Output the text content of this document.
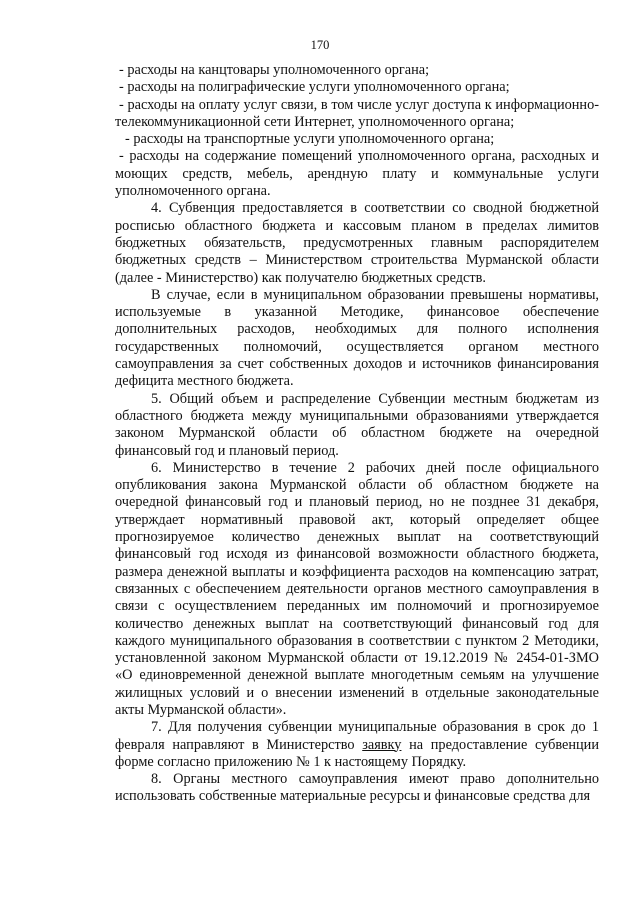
170

- расходы на канцтовары уполномоченного органа;

- расходы на полиграфические услуги уполномоченного органа;

- расходы на оплату услуг связи, в том числе услуг доступа к информационно-телекоммуникационной сети Интернет, уполномоченного органа;

- расходы на транспортные услуги уполномоченного органа;

- расходы на содержание помещений уполномоченного органа, расходных и моющих средств, мебель, арендную плату и коммунальные услуги уполномоченного органа.

4. Субвенция предоставляется в соответствии со сводной бюджетной росписью областного бюджета и кассовым планом в пределах лимитов бюджетных обязательств, предусмотренных главным распорядителем бюджетных средств – Министерством строительства Мурманской области (далее - Министерство) как получателю бюджетных средств.

В случае, если в муниципальном образовании превышены нормативы, используемые в указанной Методике, финансовое обеспечение дополнительных расходов, необходимых для полного исполнения государственных полномочий, осуществляется органом местного самоуправления за счет собственных доходов и источников финансирования дефицита местного бюджета.

5. Общий объем и распределение Субвенции местным бюджетам из областного бюджета между муниципальными образованиями утверждается законом Мурманской области об областном бюджете на очередной финансовый год и плановый период.

6. Министерство в течение 2 рабочих дней после официального опубликования закона Мурманской области об областном бюджете на очередной финансовый год и плановый период, но не позднее 31 декабря, утверждает нормативный правовой акт, который определяет общее прогнозируемое количество денежных выплат на соответствующий финансовый год исходя из финансовой возможности областного бюджета, размера денежной выплаты и коэффициента расходов на компенсацию затрат, связанных с обеспечением деятельности органов местного самоуправления в связи с осуществлением переданных им полномочий и прогнозируемое количество денежных выплат на соответствующий финансовый год для каждого муниципального образования в соответствии с пунктом 2 Методики, установленной законом Мурманской области от 19.12.2019 № 2454-01-ЗМО «О единовременной денежной выплате многодетным семьям на улучшение жилищных условий и о внесении изменений в отдельные законодательные акты Мурманской области».

7. Для получения субвенции муниципальные образования в срок до 1 февраля направляют в Министерство заявку на предоставление субвенции форме согласно приложению № 1 к настоящему Порядку.

8. Органы местного самоуправления имеют право дополнительно использовать собственные материальные ресурсы и финансовые средства для
